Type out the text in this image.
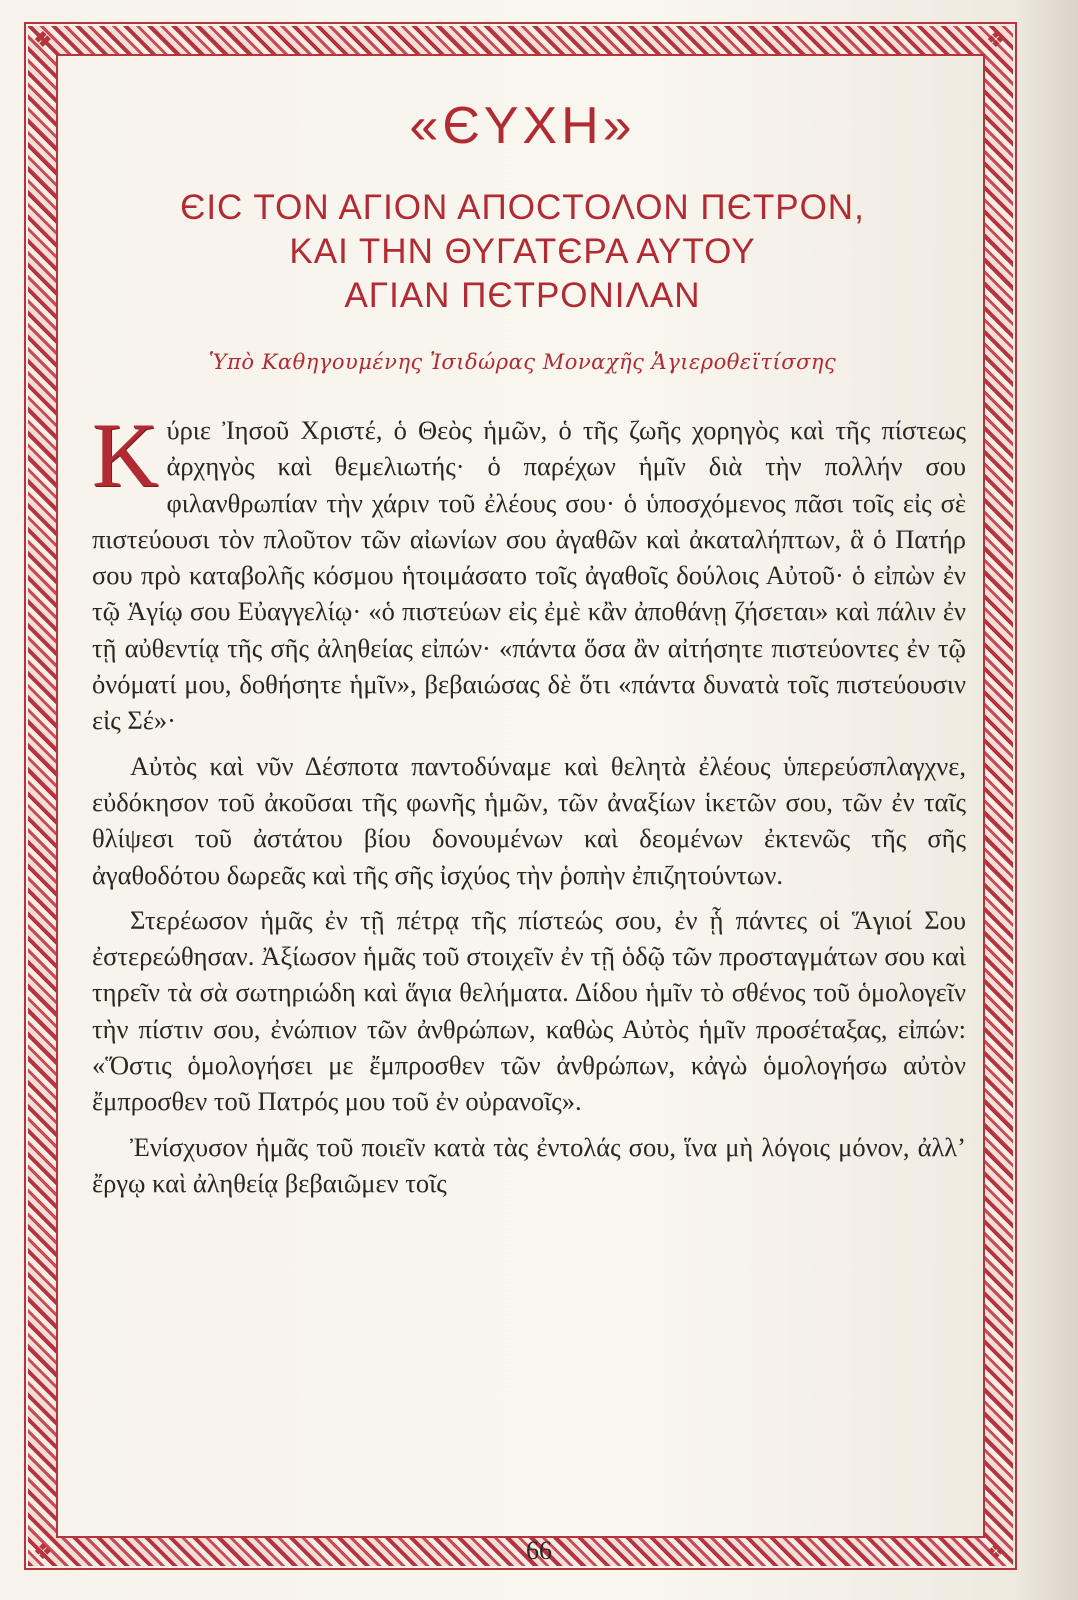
❖	❖
❖	❖
«ЄΥΧΗ»
ЄΙϹ ΤΟΝ ΑΓΙΟΝ ΑΠΟϹΤΟΛΟΝ ΠЄΤΡΟΝ,
ΚΑΙ ΤΗΝ ΘΥΓΑΤЄΡΑ ΑΥΤΟΥ
ΑΓΙΑΝ ΠЄΤΡΟΝΙΛΑΝ
Ὑπὸ Καθηγουμένης Ἰσιδώρας Μοναχῆς Ἁγιεροθεϊτίσσης

Κ ύριε Ἰησοῦ Χριστέ, ὁ Θεὸς ἡμῶν, ὁ τῆς ζωῆς χορηγὸς καὶ τῆς πίστεως ἀρχηγὸς καὶ θεμελιωτής· ὁ παρέχων ἡμῖν διὰ τὴν πολλήν σου φιλανθρωπίαν τὴν χάριν τοῦ ἐλέους σου· ὁ ὑποσχόμενος πᾶσι τοῖς εἰς σὲ πιστεύουσι τὸν πλοῦτον τῶν αἰωνίων σου ἀγαθῶν καὶ ἀκαταλήπτων, ἃ ὁ Πατήρ σου πρὸ καταβολῆς κόσμου ἡτοιμάσατο τοῖς ἀγαθοῖς δούλοις Αὐτοῦ· ὁ εἰπὼν ἐν τῷ Ἁγίῳ σου Εὐαγγελίῳ· «ὁ πιστεύων εἰς ἐμὲ κἂν ἀποθάνῃ ζήσεται» καὶ πάλιν ἐν τῇ αὐθεντίᾳ τῆς σῆς ἀληθείας εἰπών· «πάντα ὅσα ἂν αἰτήσητε πιστεύοντες ἐν τῷ ὀνόματί μου, δοθήσητε ἡμῖν», βεβαιώσας δὲ ὅτι «πάντα δυνατὰ τοῖς πιστεύουσιν εἰς Σέ»·

Αὐτὸς καὶ νῦν Δέσποτα παντοδύναμε καὶ θελητὰ ἐλέους ὑπερεύσπλαγχνε, εὐδόκησον τοῦ ἀκοῦσαι τῆς φωνῆς ἡμῶν, τῶν ἀναξίων ἱκετῶν σου, τῶν ἐν ταῖς θλίψεσι τοῦ ἀστάτου βίου δονουμένων καὶ δεομένων ἐκτενῶς τῆς σῆς ἀγαθοδότου δωρεᾶς καὶ τῆς σῆς ἰσχύος τὴν ῥοπὴν ἐπιζητούντων.

Στερέωσον ἡμᾶς ἐν τῇ πέτρᾳ τῆς πίστεώς σου, ἐν ᾗ πάντες οἱ Ἅγιοί Σου ἐστερεώθησαν. Ἀξίωσον ἡμᾶς τοῦ στοιχεῖν ἐν τῇ ὁδῷ τῶν προσταγμάτων σου καὶ τηρεῖν τὰ σὰ σωτηριώδη καὶ ἅγια θελήματα. Δίδου ἡμῖν τὸ σθένος τοῦ ὁμολογεῖν τὴν πίστιν σου, ἐνώπιον τῶν ἀνθρώπων, καθὼς Αὐτὸς ἡμῖν προσέταξας, εἰπών: «Ὅστις ὁμολογήσει με ἔμπροσθεν τῶν ἀνθρώπων, κἀγὼ ὁμολογήσω αὐτὸν ἔμπροσθεν τοῦ Πατρός μου τοῦ ἐν οὐρανοῖς».

Ἐνίσχυσον ἡμᾶς τοῦ ποιεῖν κατὰ τὰς ἐντολάς σου, ἵνα μὴ λόγοις μόνον, ἀλλ’ ἔργῳ καὶ ἀληθείᾳ βεβαιῶμεν τοῖς

66
